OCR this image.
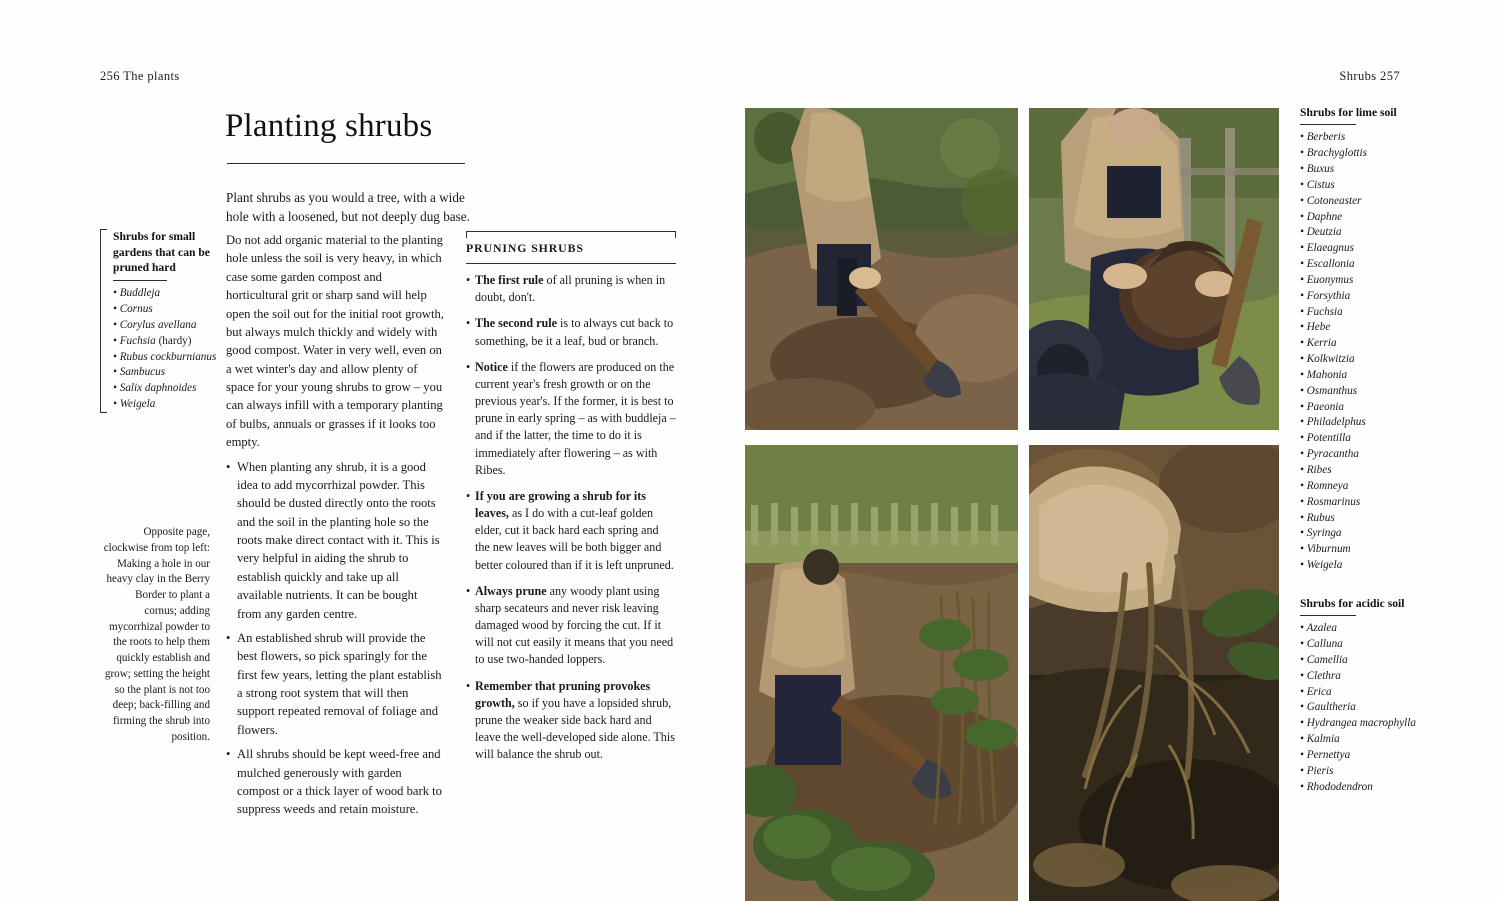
256 The plants	Shrubs 257
Planting shrubs
Plant shrubs as you would a tree, with a wide hole with a loosened, but not deeply dug base.
Shrubs for small gardens that can be pruned hard
• Buddleja
• Cornus
• Corylus avellana
• Fuchsia (hardy)
• Rubus cockburnianus
• Sambucus
• Salix daphnoides
• Weigela
Opposite page, clockwise from top left: Making a hole in our heavy clay in the Berry Border to plant a cornus; adding mycorrhizal powder to the roots to help them quickly establish and grow; setting the height so the plant is not too deep; back-filling and firming the shrub into position.

Do not add organic material to the planting hole unless the soil is very heavy, in which case some garden compost and horticultural grit or sharp sand will help open the soil out for the initial root growth, but always mulch thickly and widely with good compost. Water in very well, even on a wet winter's day and allow plenty of space for your young shrubs to grow – you can always infill with a temporary planting of bulbs, annuals or grasses if it looks too empty.

• When planting any shrub, it is a good idea to add mycorrhizal powder. This should be dusted directly onto the roots and the soil in the planting hole so the roots make direct contact with it. This is very helpful in aiding the shrub to establish quickly and take up all available nutrients. It can be bought from any garden centre.
• An established shrub will provide the best flowers, so pick sparingly for the first few years, letting the plant establish a strong root system that will then support repeated removal of foliage and flowers.
• All shrubs should be kept weed-free and mulched generously with garden compost or a thick layer of wood bark to suppress weeds and retain moisture.
PRUNING SHRUBS
• The first rule of all pruning is when in doubt, don't.
• The second rule is to always cut back to something, be it a leaf, bud or branch.
• Notice if the flowers are produced on the current year's fresh growth or on the previous year's. If the former, it is best to prune in early spring – as with buddleja – and if the latter, the time to do it is immediately after flowering – as with Ribes.
• If you are growing a shrub for its leaves, as I do with a cut-leaf golden elder, cut it back hard each spring and the new leaves will be both bigger and better coloured than if it is left unpruned.
• Always prune any woody plant using sharp secateurs and never risk leaving damaged wood by forcing the cut. If it will not cut easily it means that you need to use two-handed loppers.
• Remember that pruning provokes growth, so if you have a lopsided shrub, prune the weaker side back hard and leave the well-developed side alone. This will balance the shrub out.
Shrubs for lime soil
• Berberis
• Brachyglottis
• Buxus
• Cistus
• Cotoneaster
• Daphne
• Deutzia
• Elaeagnus
• Escallonia
• Euonymus
• Forsythia
• Fuchsia
• Hebe
• Kerria
• Kolkwitzia
• Mahonia
• Osmanthus
• Paeonia
• Philadelphus
• Potentilla
• Pyracantha
• Ribes
• Romneya
• Rosmarinus
• Rubus
• Syringa
• Viburnum
• Weigela
Shrubs for acidic soil
• Azalea
• Calluna
• Camellia
• Clethra
• Erica
• Gaultheria
• Hydrangea macrophylla
• Kalmia
• Pernettya
• Pieris
• Rhododendron
